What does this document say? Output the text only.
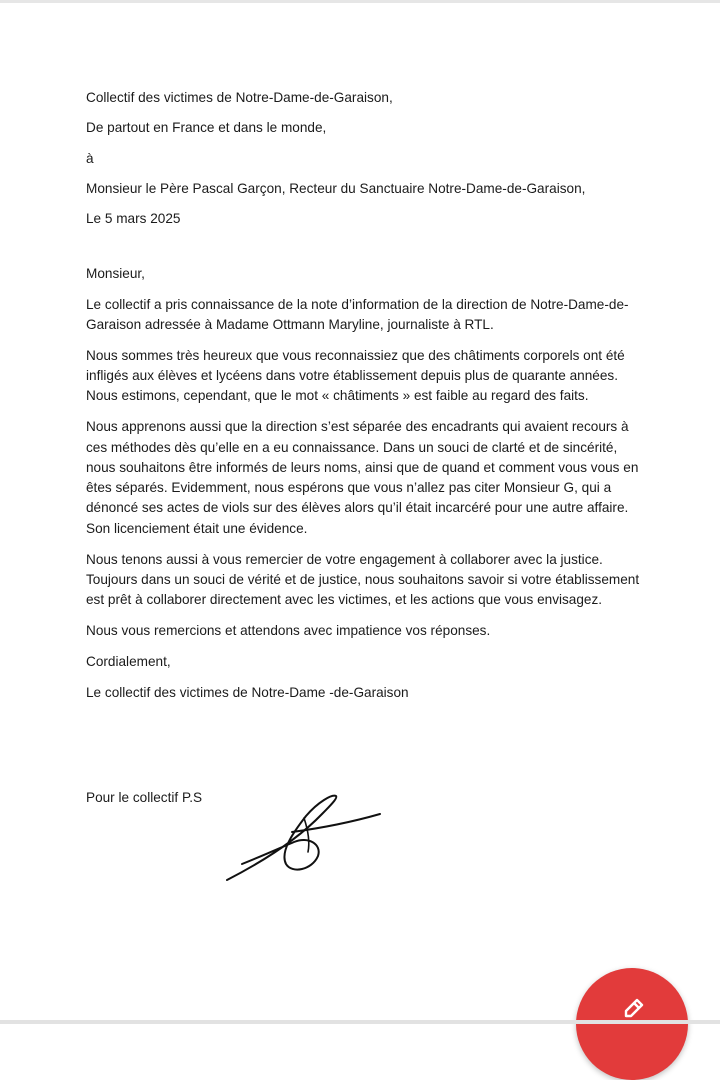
Collectif des victimes de Notre-Dame-de-Garaison,

De partout en France et dans le monde,

à

Monsieur le Père Pascal Garçon, Recteur du Sanctuaire Notre-Dame-de-Garaison,

Le 5 mars 2025

Monsieur,

Le collectif a pris connaissance de la note d’information de la direction de Notre-Dame-de-Garaison adressée à Madame Ottmann Maryline, journaliste à RTL.

Nous sommes très heureux que vous reconnaissiez que des châtiments corporels ont été infligés aux élèves et lycéens dans votre établissement depuis plus de quarante années. Nous estimons, cependant, que le mot « châtiments » est faible au regard des faits.

Nous apprenons aussi que la direction s’est séparée des encadrants qui avaient recours à ces méthodes dès qu’elle en a eu connaissance. Dans un souci de clarté et de sincérité, nous souhaitons être informés de leurs noms, ainsi que de quand et comment vous vous en êtes séparés. Evidemment, nous espérons que vous n’allez pas citer Monsieur G, qui a dénoncé ses actes de viols sur des élèves alors qu’il était incarcéré pour une autre affaire. Son licenciement était une évidence.

Nous tenons aussi à vous remercier de votre engagement à collaborer avec la justice. Toujours dans un souci de vérité et de justice, nous souhaitons savoir si votre établissement est prêt à collaborer directement avec les victimes, et les actions que vous envisagez.

Nous vous remercions et attendons avec impatience vos réponses.

Cordialement,

Le collectif des victimes de Notre-Dame -de-Garaison

Pour le collectif P.S
